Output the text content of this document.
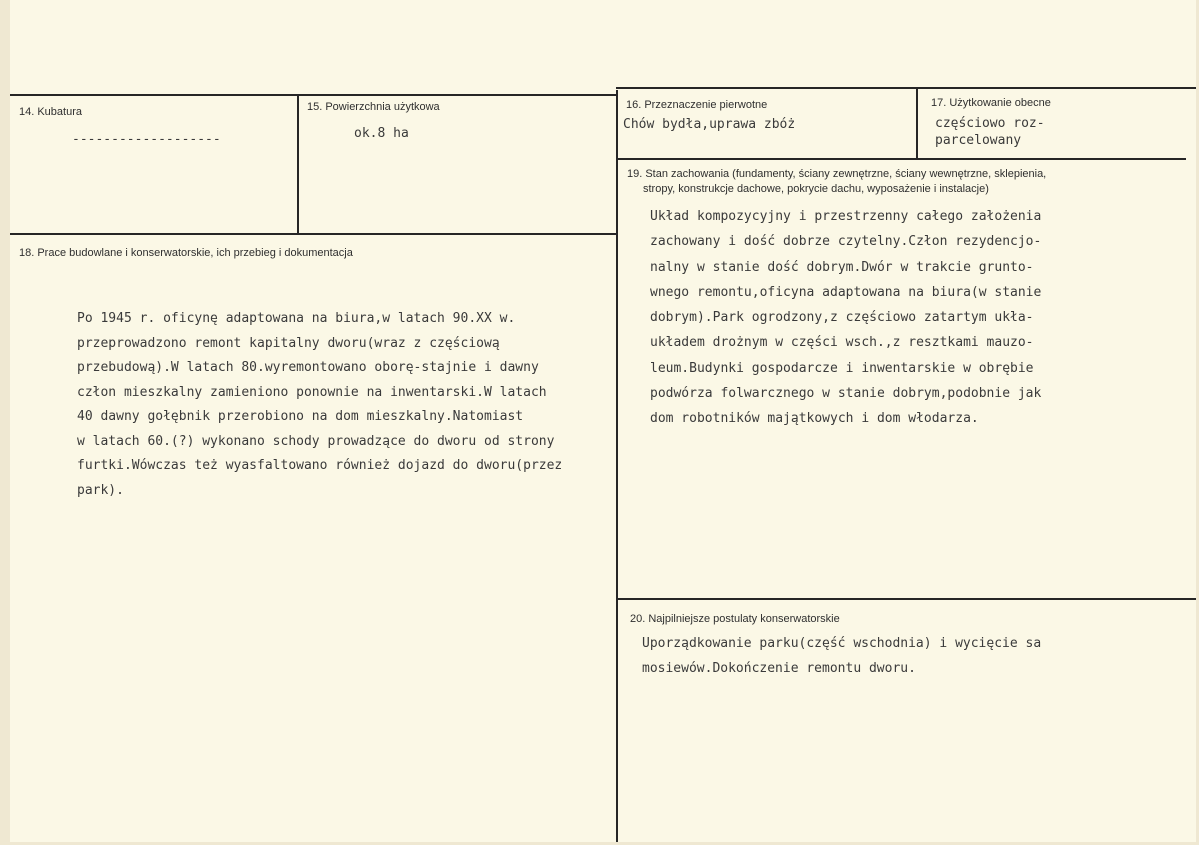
14. Kubatura
-------------------
15. Powierzchnia użytkowa
ok.8 ha
16. Przeznaczenie pierwotne
Chów bydła,uprawa zbóż
17. Użytkowanie obecne
częściowo roz-
parcelowany
18. Prace budowlane i konserwatorskie, ich przebieg i dokumentacja
Po 1945 r. oficynę adaptowana na biura,w latach 90.XX w.
przeprowadzono remont kapitalny dworu(wraz z częściową
przebudową).W latach 80.wyremontowano oborę-stajnie i dawny
człon mieszkalny zamieniono ponownie na inwentarski.W latach
40 dawny gołębnik przerobiono na dom mieszkalny.Natomiast
w latach 60.(?) wykonano schody prowadzące do dworu od strony
furtki.Wówczas też wyasfaltowano również dojazd do dworu(przez
park).
19. Stan zachowania (fundamenty, ściany zewnętrzne, ściany wewnętrzne, sklepienia,
stropy, konstrukcje dachowe, pokrycie dachu, wyposażenie i instalacje)
Układ kompozycyjny i przestrzenny całego założenia
zachowany i dość dobrze czytelny.Człon rezydencjo-
nalny w stanie dość dobrym.Dwór w trakcie grunto-
wnego remontu,oficyna adaptowana na biura(w stanie
dobrym).Park ogrodzony,z częściowo zatartym ukła-
układem drożnym w części wsch.,z resztkami mauzo-
leum.Budynki gospodarcze i inwentarskie w obrębie
podwórza folwarcznego w stanie dobrym,podobnie jak
dom robotników majątkowych i dom włodarza.
20. Najpilniejsze postulaty konserwatorskie
Uporządkowanie parku(część wschodnia) i wycięcie sa
mosiewów.Dokończenie remontu dworu.
